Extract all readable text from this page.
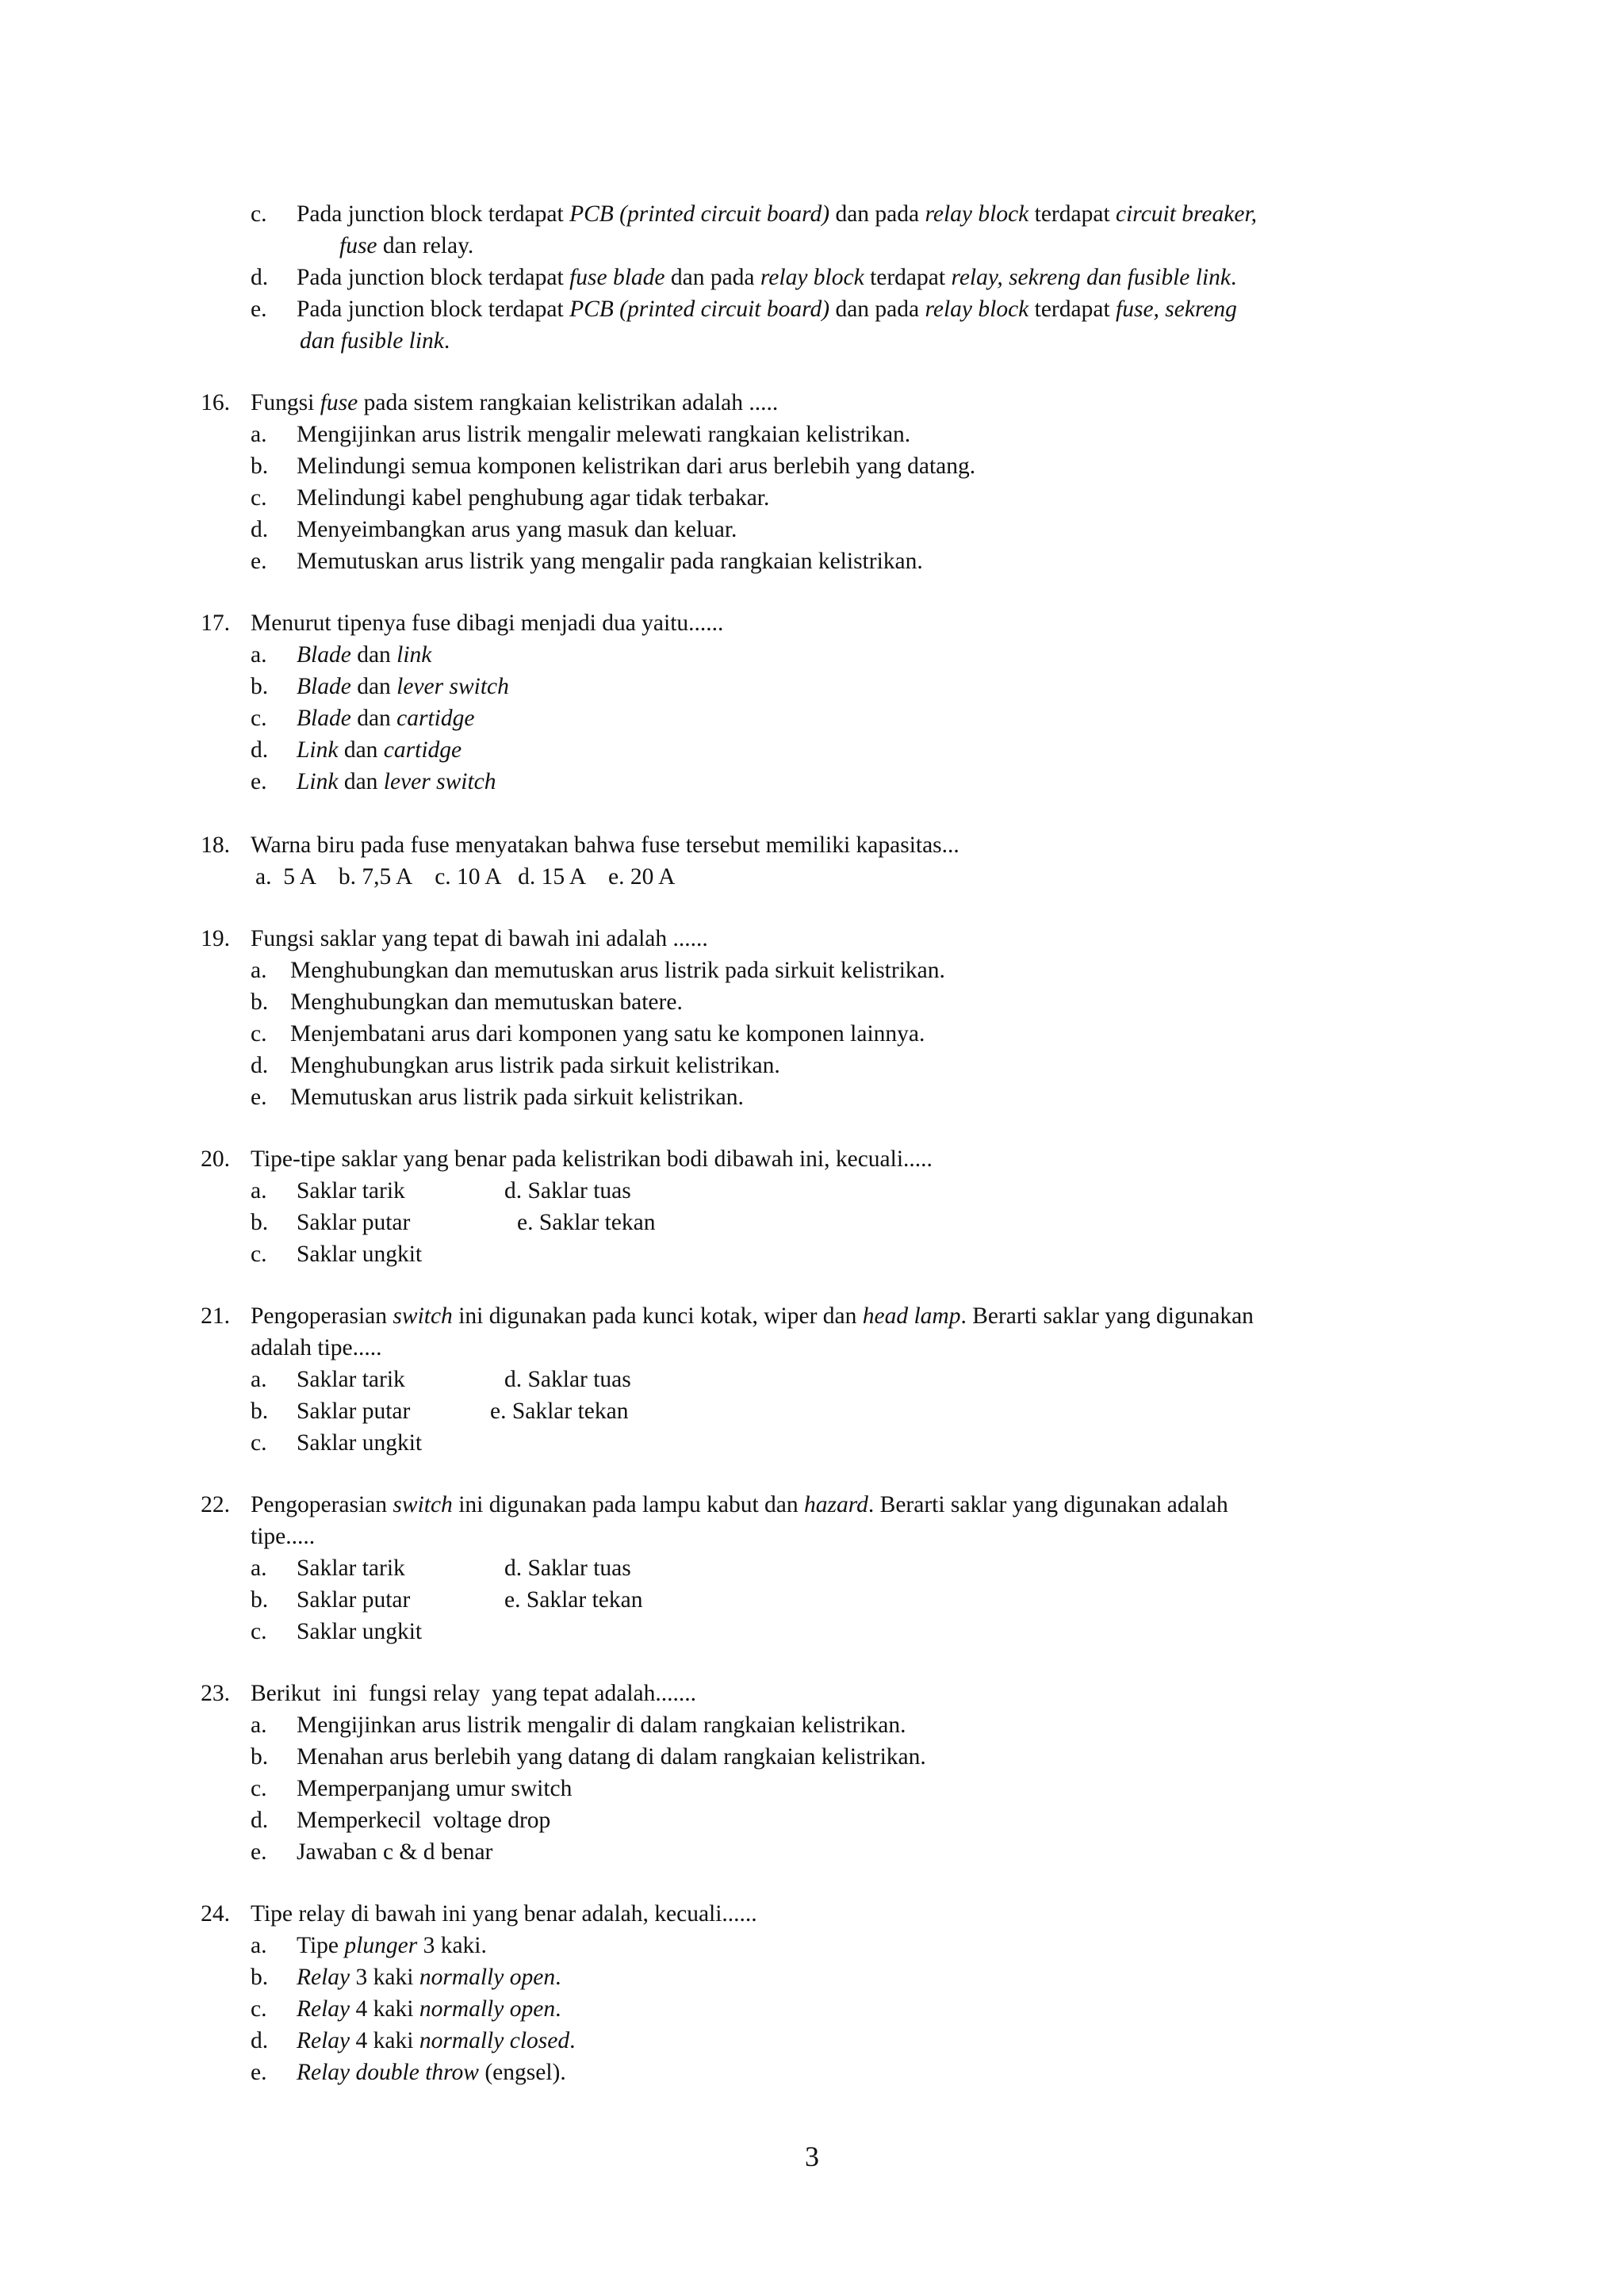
c. Pada junction block terdapat PCB (printed circuit board) dan pada relay block terdapat circuit breaker,
fuse dan relay.
d. Pada junction block terdapat fuse blade dan pada relay block terdapat relay, sekreng dan fusible link.
e. Pada junction block terdapat PCB (printed circuit board) dan pada relay block terdapat fuse, sekreng
dan fusible link.
16. Fungsi fuse pada sistem rangkaian kelistrikan adalah .....
a. Mengijinkan arus listrik mengalir melewati rangkaian kelistrikan.
b. Melindungi semua komponen kelistrikan dari arus berlebih yang datang.
c. Melindungi kabel penghubung agar tidak terbakar.
d. Menyeimbangkan arus yang masuk dan keluar.
e. Memutuskan arus listrik yang mengalir pada rangkaian kelistrikan.
17. Menurut tipenya fuse dibagi menjadi dua yaitu......
a. Blade dan link
b. Blade dan lever switch
c. Blade dan cartidge
d. Link dan cartidge
e. Link dan lever switch
18. Warna biru pada fuse menyatakan bahwa fuse tersebut memiliki kapasitas...
a.  5 A    b. 7,5 A    c. 10 A   d. 15 A    e. 20 A
19. Fungsi saklar yang tepat di bawah ini adalah ......
a. Menghubungkan dan memutuskan arus listrik pada sirkuit kelistrikan.
b. Menghubungkan dan memutuskan batere.
c. Menjembatani arus dari komponen yang satu ke komponen lainnya.
d. Menghubungkan arus listrik pada sirkuit kelistrikan.
e. Memutuskan arus listrik pada sirkuit kelistrikan.
20. Tipe-tipe saklar yang benar pada kelistrikan bodi dibawah ini, kecuali.....
a. Saklar tarik	d. Saklar tuas
b. Saklar putar	e. Saklar tekan
c. Saklar ungkit
21. Pengoperasian switch ini digunakan pada kunci kotak, wiper dan head lamp. Berarti saklar yang digunakan
adalah tipe.....
a. Saklar tarik	d. Saklar tuas
b. Saklar putar	e. Saklar tekan
c. Saklar ungkit
22. Pengoperasian switch ini digunakan pada lampu kabut dan hazard. Berarti saklar yang digunakan adalah
tipe.....
a. Saklar tarik	d. Saklar tuas
b. Saklar putar	e. Saklar tekan
c. Saklar ungkit
23. Berikut  ini  fungsi relay  yang tepat adalah.......
a. Mengijinkan arus listrik mengalir di dalam rangkaian kelistrikan.
b. Menahan arus berlebih yang datang di dalam rangkaian kelistrikan.
c. Memperpanjang umur switch
d. Memperkecil  voltage drop
e. Jawaban c & d benar
24. Tipe relay di bawah ini yang benar adalah, kecuali......
a. Tipe plunger 3 kaki.
b. Relay 3 kaki normally open.
c. Relay 4 kaki normally open.
d. Relay 4 kaki normally closed.
e. Relay double throw (engsel).
3
